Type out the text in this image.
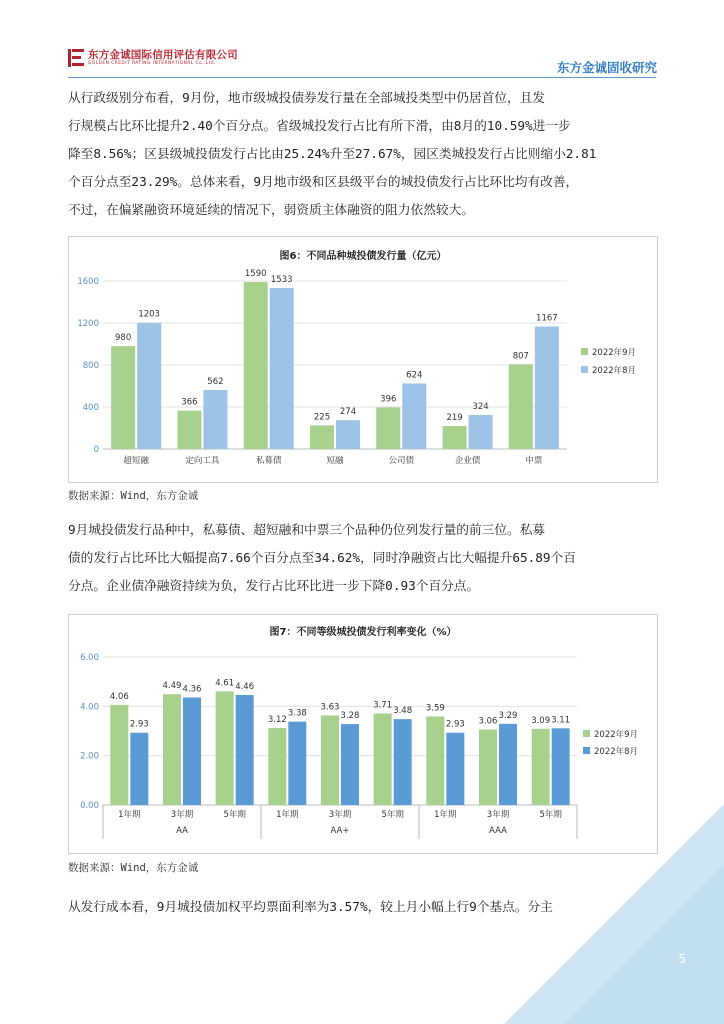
东方金诚国际信用评估有限公司
GOLDEN CREDIT RATING INTERNATIONAL Co.,Ltd.	东方金诚固收研究
从行政级别分布看，9月份，地市级城投债券发行量在全部城投类型中仍居首位，且发
行规模占比环比提升2.40个百分点。省级城投发行占比有所下滑，由8月的10.59%进一步
降至8.56%；区县级城投债发行占比由25.24%升至27.67%，园区类城投发行占比则缩小2.81
个百分点至23.29%。总体来看，9月地市级和区县级平台的城投债发行占比环比均有改善，
不过，在偏紧融资环境延续的情况下，弱资质主体融资的阻力依然较大。
图6：不同品种城投债发行量（亿元）
0
400
800
1200
1600
980
1203
超短融
366
562
定向工具
1590
1533
私募债
225
274
短融
396
624
公司债
219
324
企业债
807
1167
中票
2022年9月
2022年8月
数据来源：Wind，东方金诚
9月城投债发行品种中，私募债、超短融和中票三个品种仍位列发行量的前三位。私募
债的发行占比环比大幅提高7.66个百分点至34.62%，同时净融资占比大幅提升65.89个百
分点。企业债净融资持续为负，发行占比环比进一步下降0.93个百分点。
图7：不同等级城投债发行利率变化（%）
0.00
2.00
4.00
6.00
4.06
2.93
1年期
4.49 4.36
3年期
4.61 4.46
5年期
3.12
3.38
1年期
3.63
3.28
3年期
3.71
3.48
5年期
3.59
2.93
1年期
3.06
3.29
3年期
3.09 3.11
5年期
AA	AA+	AAA
2022年9月
2022年8月
数据来源：Wind，东方金诚
从发行成本看，9月城投债加权平均票面利率为3.57%，较上月小幅上行9个基点。分主
5
